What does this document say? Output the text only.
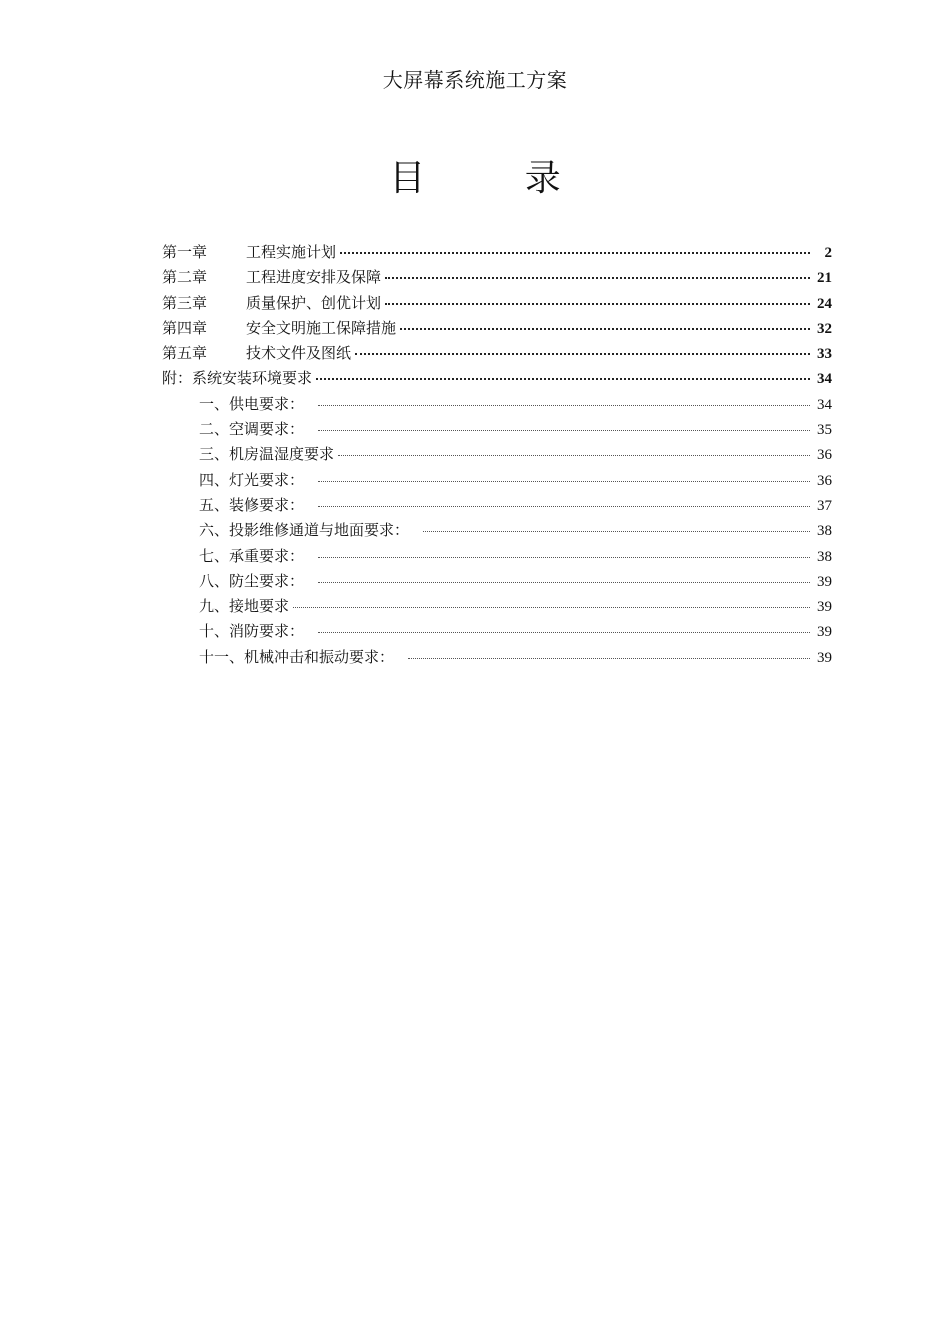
大屏幕系统施工方案
目 录
第一章	工程实施计划	2
第二章	工程进度安排及保障	21
第三章	质量保护、创优计划	24
第四章	安全文明施工保障措施	32
第五章	技术文件及图纸	33
附：系统安装环境要求	34
一、供电要求：	34
二、空调要求：	35
三、机房温湿度要求	36
四、灯光要求：	36
五、装修要求：	37
六、投影维修通道与地面要求：	38
七、承重要求：	38
八、防尘要求：	39
九、接地要求	39
十、消防要求：	39
十一、机械冲击和振动要求：	39
